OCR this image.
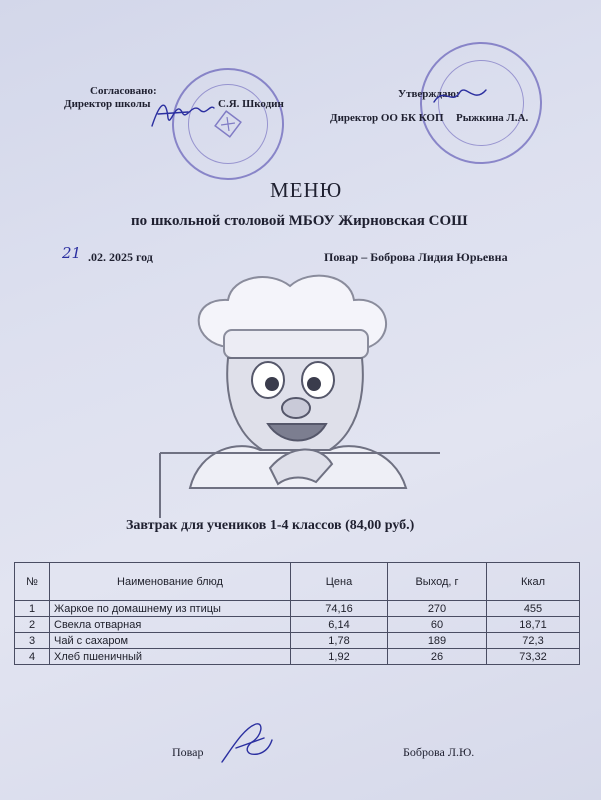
Согласовано:
Директор школы	С.Я. Шкодин
Утверждаю:
Директор ОО БК КОП Рыжкина Л.А.
МЕНЮ
по школьной столовой МБОУ Жирновская СОШ
21 .02. 2025 год	Повар – Боброва Лидия Юрьевна
Завтрак для учеников 1-4 классов (84,00 руб.)
№	Наименование блюд	Цена	Выход, г	Ккал
1	Жаркое по домашнему из птицы	74,16	270	455
2	Свекла отварная	6,14	60	18,71
3	Чай с сахаром	1,78	189	72,3
4	Хлеб пшеничный	1,92	26	73,32
Повар	Боброва Л.Ю.
